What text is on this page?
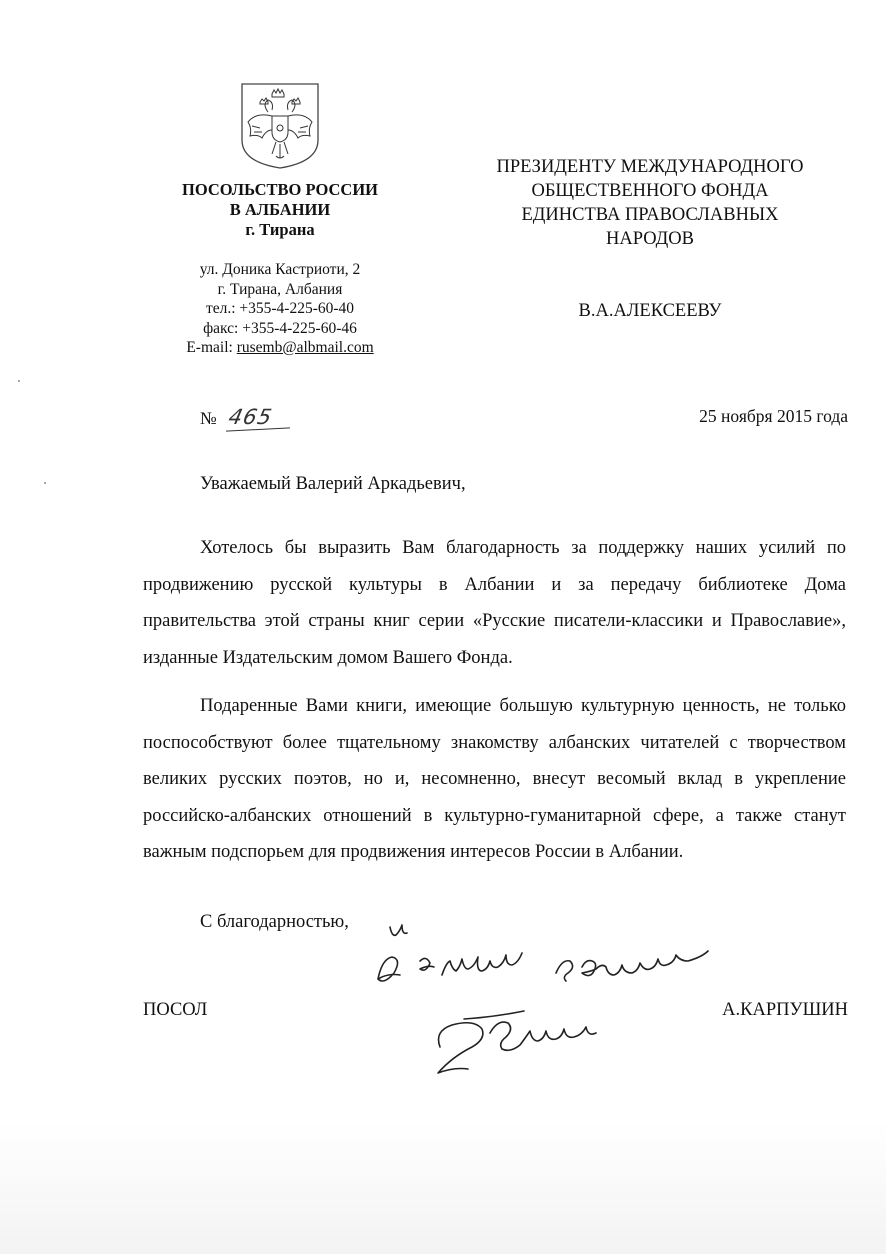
ПОСОЛЬСТВО РОССИИ
В АЛБАНИИ
г. Тирана
ул. Доника Кастриоти, 2
г. Тирана, Албания
тел.: +355-4-225-60-40
факс: +355-4-225-60-46
E-mail: rusemb@albmail.com
ПРЕЗИДЕНТУ МЕЖДУНАРОДНОГО
ОБЩЕСТВЕННОГО ФОНДА
ЕДИНСТВА ПРАВОСЛАВНЫХ
НАРОДОВ
В.А.АЛЕКСЕЕВУ
№ 465	25 ноября 2015 года
Уважаемый Валерий Аркадьевич,

Хотелось бы выразить Вам благодарность за поддержку наших усилий по продвижению русской культуры в Албании и за передачу библиотеке Дома правительства этой страны книг серии «Русские писатели-классики и Православие», изданные Издательским домом Вашего Фонда.

Подаренные Вами книги, имеющие большую культурную ценность, не только поспособствуют более тщательному знакомству албанских читателей с творчеством великих русских поэтов, но и, несомненно, внесут весомый вклад в укрепление российско-албанских отношений в культурно-гуманитарной сфере, а также станут важным подспорьем для продвижения интересов России в Албании.

С благодарностью,
ПОСОЛ	А.КАРПУШИН
